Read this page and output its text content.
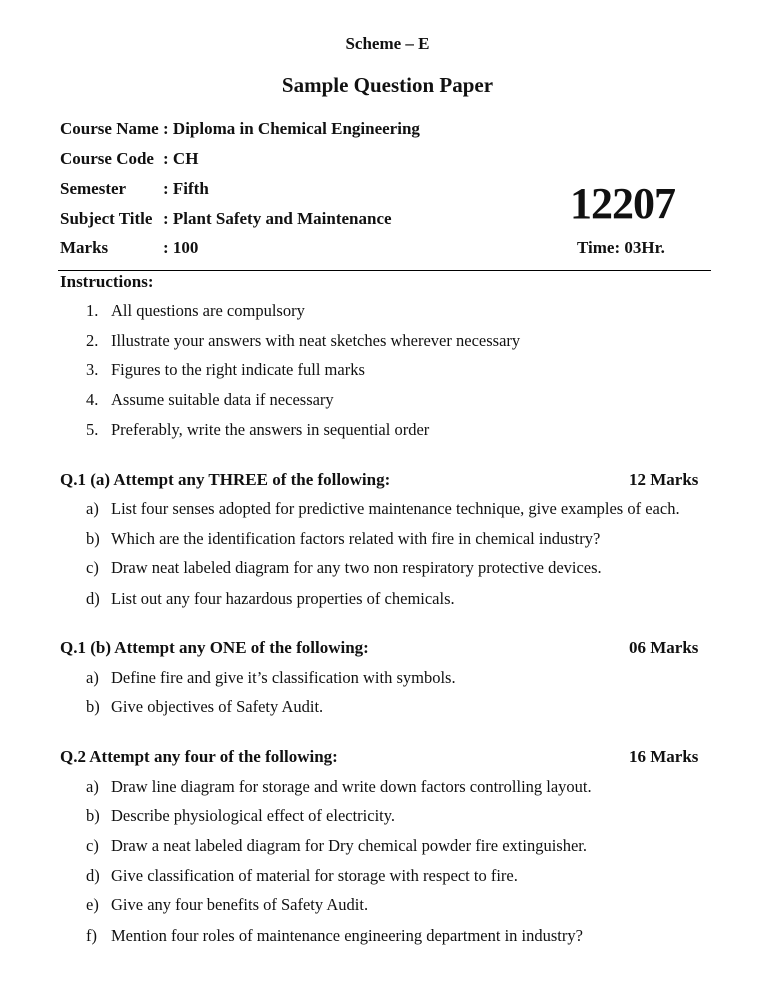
Scheme – E
Sample Question Paper
Course Name : Diploma in Chemical Engineering
Course Code : CH
Semester : Fifth
Subject Title : Plant Safety and Maintenance
Marks	: 100
12207
Time: 03Hr.
Instructions:
1. All questions are compulsory
2. Illustrate your answers with neat sketches wherever necessary
3. Figures to the right indicate full marks
4. Assume suitable data if necessary
5. Preferably, write the answers in sequential order
Q.1 (a) Attempt any THREE of the following:	12 Marks
a) List four senses adopted for predictive maintenance technique, give examples of each.
b) Which are the identification factors related with fire in chemical industry?
c) Draw neat labeled diagram for any two non respiratory protective devices.
d) List out any four hazardous properties of chemicals.
Q.1 (b) Attempt any ONE of the following:	06 Marks
a) Define fire and give it’s classification with symbols.
b) Give objectives of Safety Audit.
Q.2 Attempt any four of the following:	16 Marks
a) Draw line diagram for storage and write down factors controlling layout.
b) Describe physiological effect of electricity.
c) Draw a neat labeled diagram for Dry chemical powder fire extinguisher.
d) Give classification of material for storage with respect to fire.
e) Give any four benefits of Safety Audit.
f) Mention four roles of maintenance engineering department in industry?
